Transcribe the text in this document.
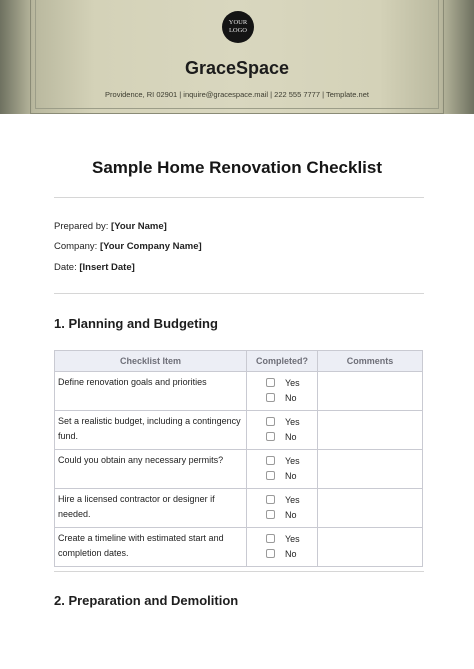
YOUR
LOGO
GraceSpace
Providence, RI 02901 | inquire@gracespace.mail | 222 555 7777 | Template.net
Sample Home Renovation Checklist
Prepared by: [Your Name]
Company: [Your Company Name]
Date: [Insert Date]
1. Planning and Budgeting
Checklist Item	Completed?	Comments
Define renovation goals and priorities	Yes
No	

Set a realistic budget, including a contingency fund.	Yes
No	

Could you obtain any necessary permits?	Yes
No	

Hire a licensed contractor or designer if needed.	Yes
No	

Create a timeline with estimated start and completion dates.	Yes
No	

2. Preparation and Demolition
